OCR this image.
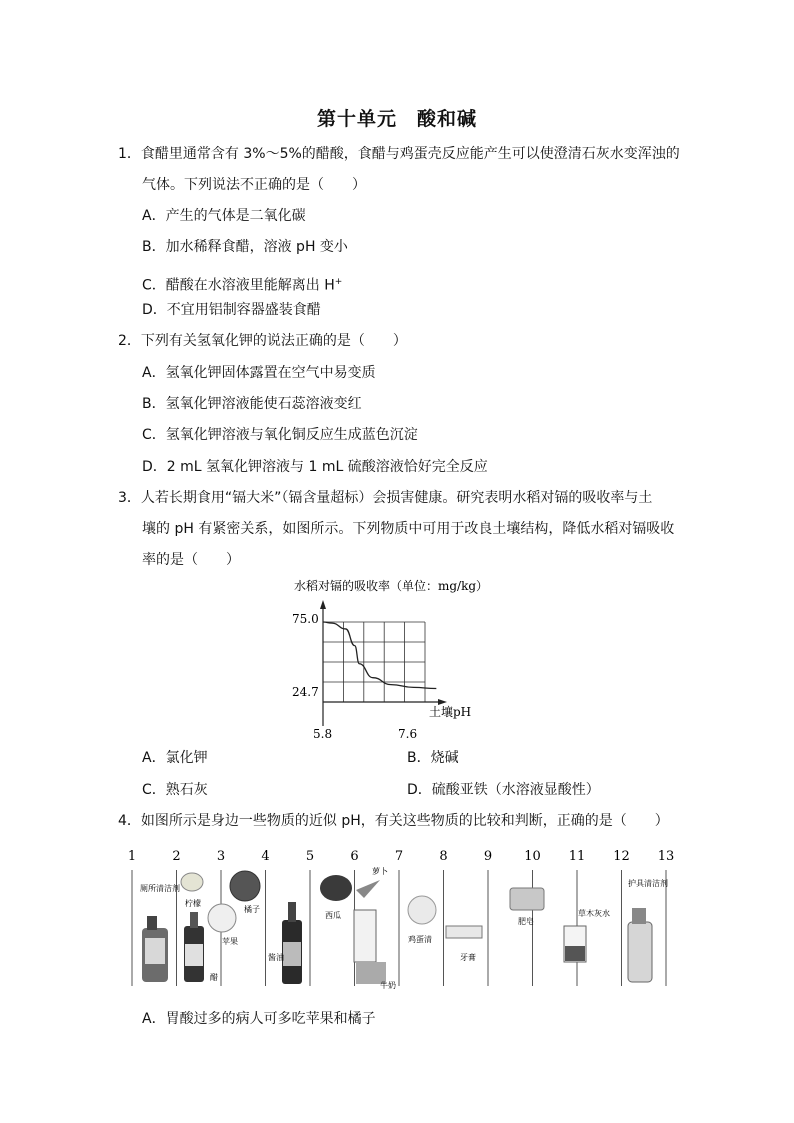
第十单元　酸和碱
1．食醋里通常含有 3%～5%的醋酸，食醋与鸡蛋壳反应能产生可以使澄清石灰水变浑浊的
气体。下列说法不正确的是（　　）
A．产生的气体是二氧化碳
B．加水稀释食醋，溶液 pH 变小
C．醋酸在水溶液里能解离出 H+
D．不宜用铝制容器盛装食醋
2．下列有关氢氧化钾的说法正确的是（　　）
A．氢氧化钾固体露置在空气中易变质
B．氢氧化钾溶液能使石蕊溶液变红
C．氢氧化钾溶液与氧化铜反应生成蓝色沉淀
D．2 mL 氢氧化钾溶液与 1 mL 硫酸溶液恰好完全反应
3．人若长期食用“镉大米”（镉含量超标）会损害健康。研究表明水稻对镉的吸收率与土
壤的 pH 有紧密关系，如图所示。下列物质中可用于改良土壤结构，降低水稻对镉吸收
率的是（　　）
水稻对镉的吸收率（单位：mg/kg）
75.0
24.7
5.8	7.6
土壤pH
A．氯化钾	B．烧碱
C．熟石灰	D．硫酸亚铁（水溶液显酸性）
4．如图所示是身边一些物质的近似 pH，有关这些物质的比较和判断，正确的是（　　）
1	2	3	4	5	6	7	8	9 10 11 12 13
厕所清洁剂
柠檬
醋
苹果
橘子
酱油
西瓜
萝卜
牛奶
鸡蛋清
牙膏
肥皂
草木灰水
护具清洁剂
A．胃酸过多的病人可多吃苹果和橘子
